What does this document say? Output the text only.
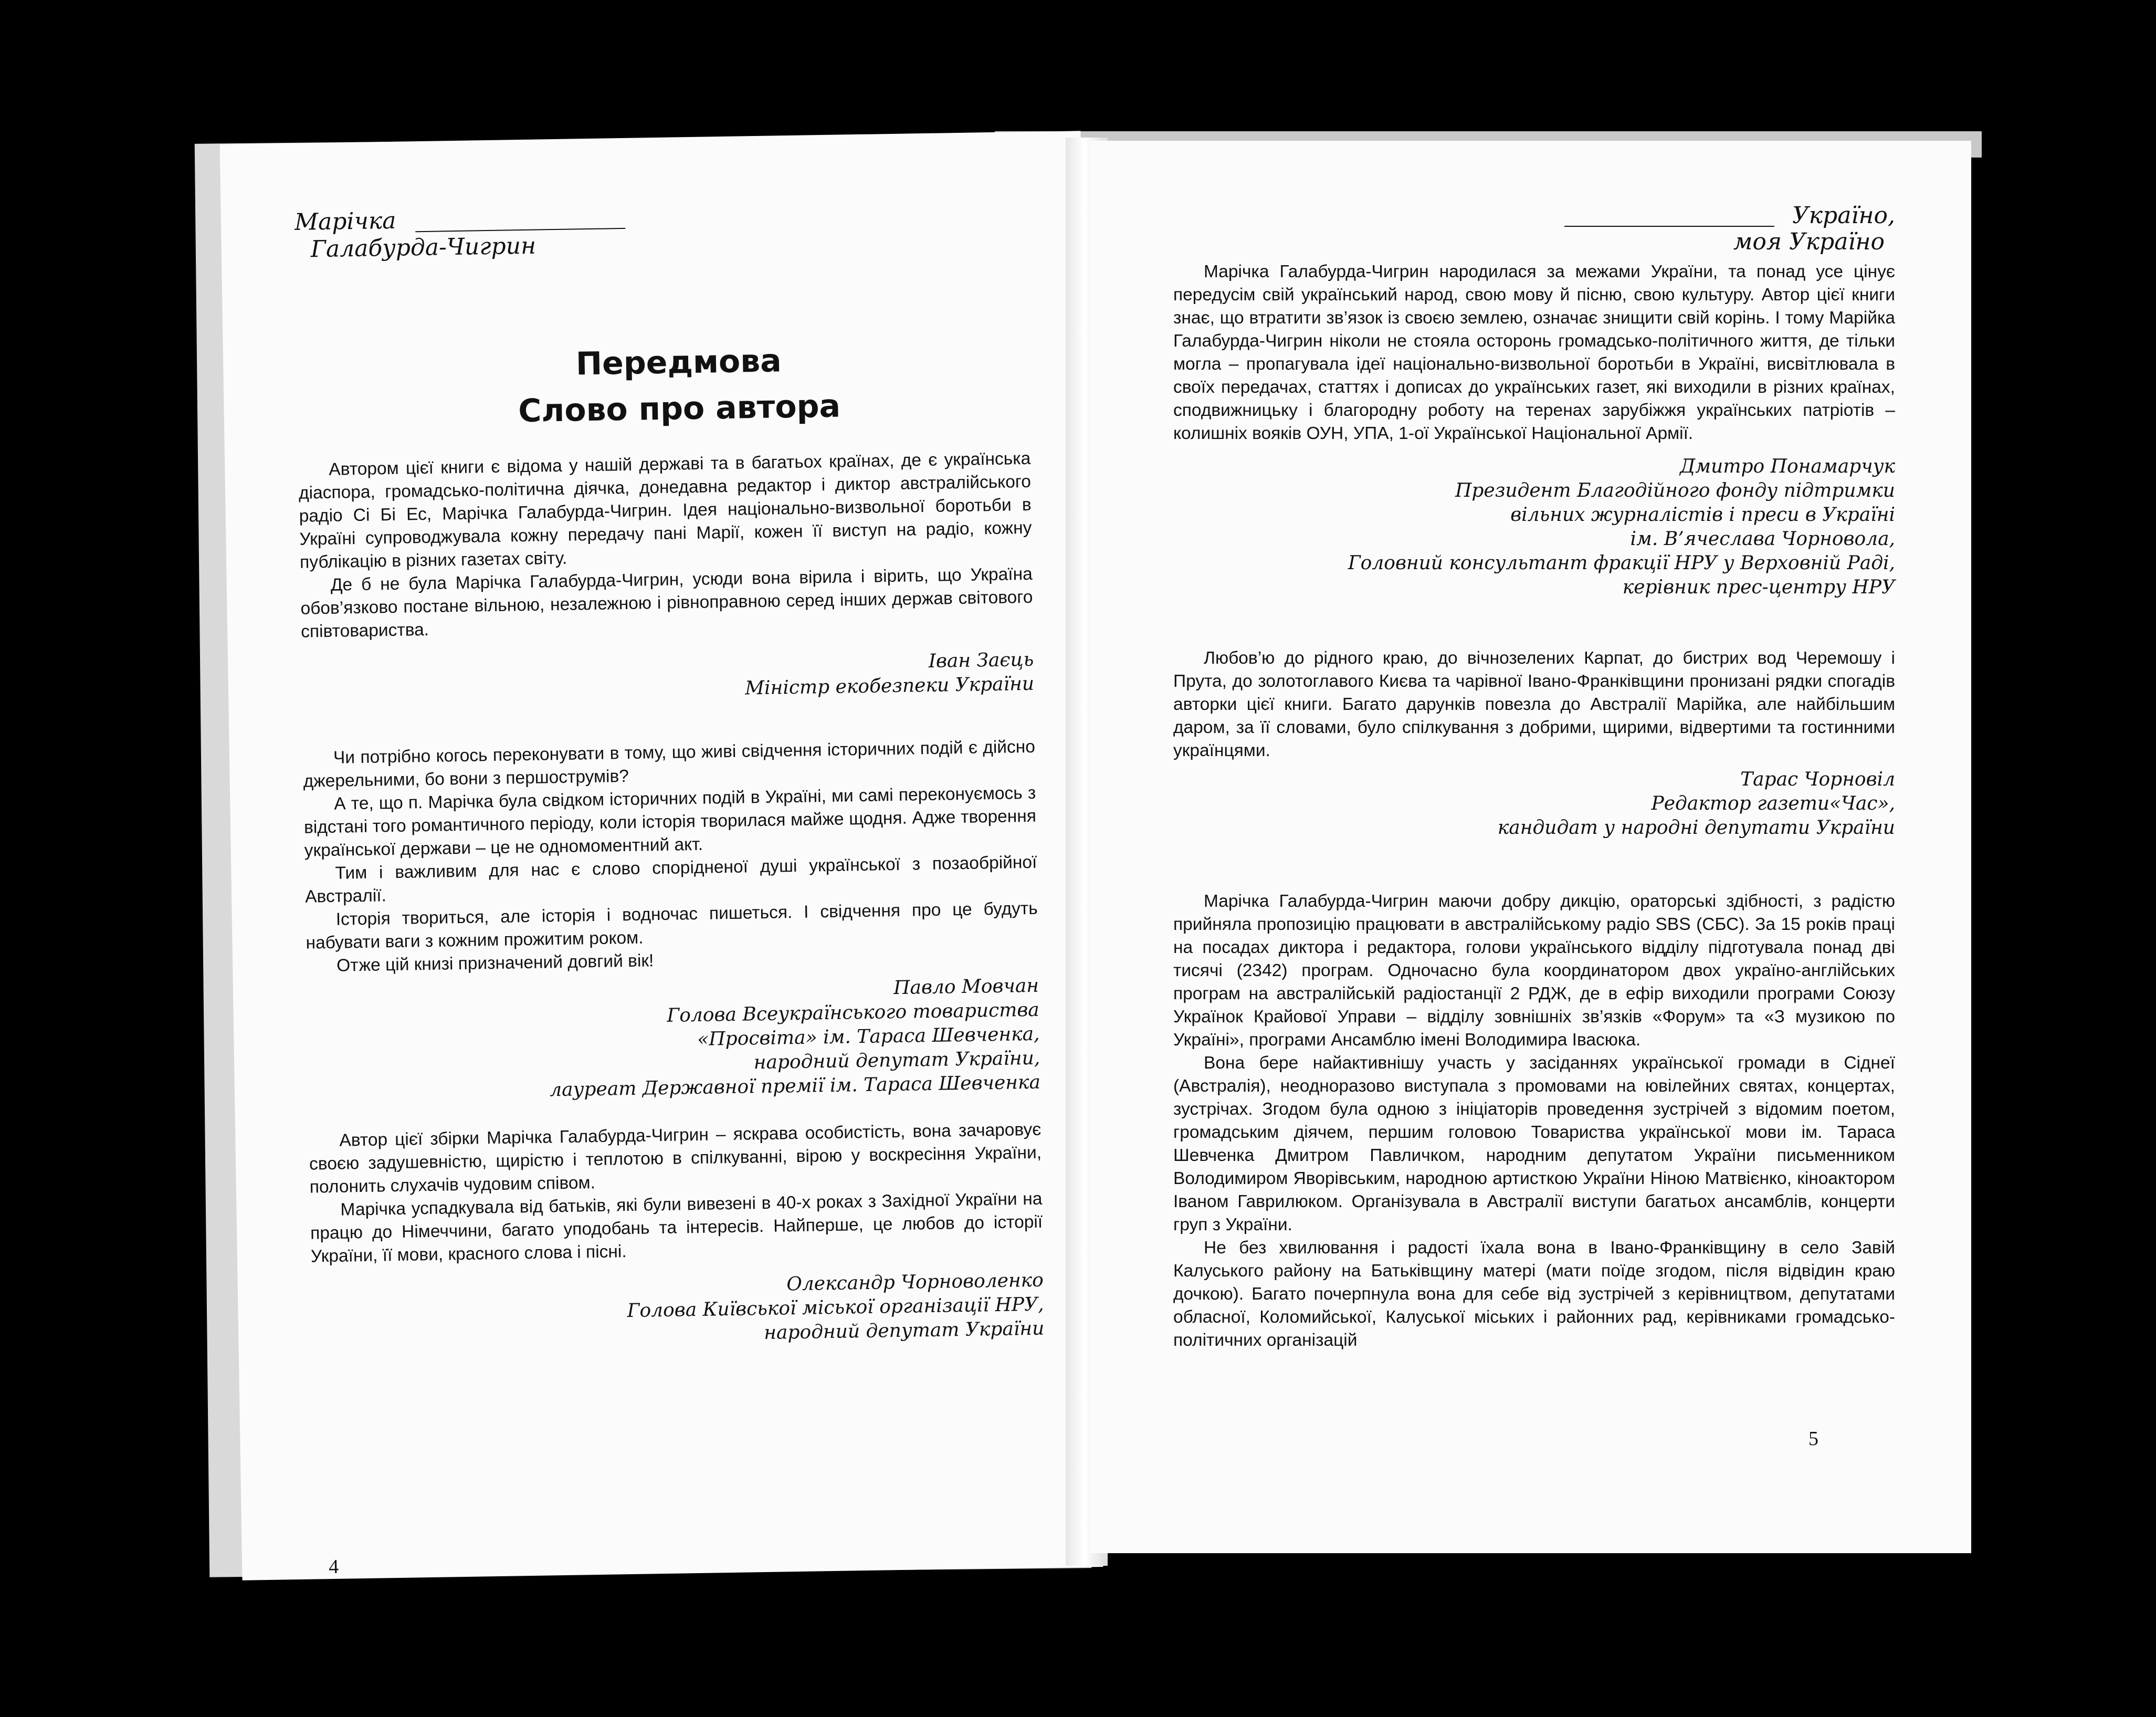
Марічка
Галабурда-Чигрин
Передмова
Слово про автора

Автором цієї книги є відома у нашій державі та в багатьох країнах, де є українська діаспора, громадсько-політична діячка, донедавна редактор і диктор австралійського радіо Сі Бі Ес, Марічка Галабурда-Чигрин. Ідея національно-визвольної боротьби в Україні супроводжувала кожну передачу пані Марії, кожен її виступ на радіо, кожну публікацію в різних газетах світу.

Де б не була Марічка Галабурда-Чигрин, усюди вона вірила і вірить, що Україна обов’язково постане вільною, незалежною і рівноправною серед інших держав світового співтовариства.

Іван Заєць
Міністр екобезпеки України

Чи потрібно когось переконувати в тому, що живі свідчення історичних подій є дійсно джерельними, бо вони з першострумів?

А те, що п. Марічка була свідком історичних подій в Україні, ми самі переконуємось з відстані того романтичного періоду, коли історія творилася майже щодня. Адже творення української держави – це не одномоментний акт.

Тим і важливим для нас є слово спорідненої душі української з позаобрійної Австралії.

Історія твориться, але історія і водночас пишеться. І свідчення про це будуть набувати ваги з кожним прожитим роком.

Отже цій книзі призначений довгий вік!

Павло Мовчан
Голова Всеукраїнського товариства
«Просвіта» ім. Тараса Шевченка,
народний депутат України,
лауреат Державної премії ім. Тараса Шевченка

Автор цієї збірки Марічка Галабурда-Чигрин – яскрава особистість, вона зачаровує своєю задушевністю, щирістю і теплотою в спілкуванні, вірою у воскресіння України, полонить слухачів чудовим співом.

Марічка успадкувала від батьків, які були вивезені в 40-х роках з Західної України на працю до Німеччини, багато уподобань та інтересів. Найперше, це любов до історії України, її мови, красного слова і пісні.

Олександр Чорноволенко
Голова Київської міської організації НРУ,
народний депутат України
4
Україно,
моя Україно

Марічка Галабурда-Чигрин народилася за межами України, та понад усе цінує передусім свій український народ, свою мову й пісню, свою культуру. Автор цієї книги знає, що втратити зв’язок із своєю землею, означає знищити свій корінь. І тому Марійка Галабурда-Чигрин ніколи не стояла осторонь громадсько-політичного життя, де тільки могла – пропагувала ідеї національно-визвольної боротьби в Україні, висвітлювала в своїх передачах, статтях і дописах до українських газет, які виходили в різних країнах, сподвижницьку і благородну роботу на теренах зарубіжжя українських патріотів – колишніх вояків ОУН, УПА, 1-ої Української Національної Армії.

Дмитро Понамарчук
Президент Благодійного фонду підтримки
вільних журналістів і преси в Україні
ім. В’ячеслава Чорновола,
Головний консультант фракції НРУ у Верховній Раді,
керівник прес-центру НРУ

Любов’ю до рідного краю, до вічнозелених Карпат, до бистрих вод Черемошу і Прута, до золотоглавого Києва та чарівної Івано-Франківщини пронизані рядки спогадів авторки цієї книги. Багато дарунків повезла до Австралії Марійка, але найбільшим даром, за її словами, було спілкування з добрими, щирими, відвертими та гостинними українцями.

Тарас Чорновіл
Редактор газети«Час»,
кандидат у народні депутати України

Марічка Галабурда-Чигрин маючи добру дикцію, ораторські здібності, з радістю прийняла пропозицію працювати в австралійському радіо SBS (СБС). За 15 років праці на посадах диктора і редактора, голови українського відділу підготувала понад дві тисячі (2342) програм. Одночасно була координатором двох україно-англійських програм на австралійській радіостанції 2 РДЖ, де в ефір виходили програми Союзу Українок Крайової Управи – відділу зовнішніх зв’язків «Форум» та «З музикою по Україні», програми Ансамблю імені Володимира Івасюка.

Вона бере найактивнішу участь у засіданнях української громади в Сіднеї (Австралія), неодноразово виступала з промовами на ювілейних святах, концертах, зустрічах. Згодом була одною з ініціаторів проведення зустрічей з відомим поетом, громадським діячем, першим головою Товариства української мови ім. Тараса Шевченка Дмитром Павличком, народним депутатом України письменником Володимиром Яворівським, народною артисткою України Ніною Матвієнко, кіноактором Іваном Гаврилюком. Організувала в Австралії виступи багатьох ансамблів, концерти груп з України.

Не без хвилювання і радості їхала вона в Івано-Франківщину в село Завій Калуського району на Батьківщину матері (мати поїде згодом, після відвідин краю дочкою). Багато почерпнула вона для себе від зустрічей з керівництвом, депутатами обласної, Коломийської, Калуської міських і районних рад, керівниками громадсько-політичних організацій

5
